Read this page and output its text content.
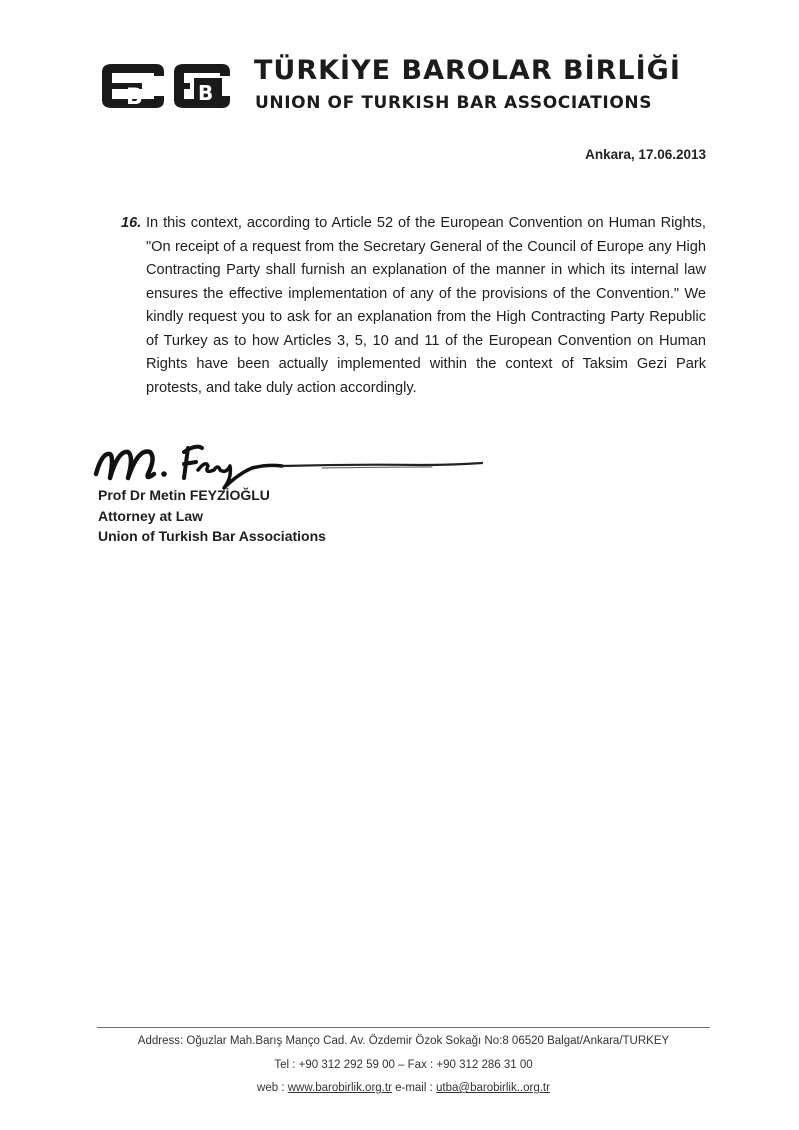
B	B
TÜRKİYE BAROLAR BİRLİĞİ
UNION OF TURKISH BAR ASSOCIATIONS
Ankara, 17.06.2013
16. In this context, according to Article 52 of the European Convention on Human Rights, "On receipt of a request from the Secretary General of the Council of Europe any High Contracting Party shall furnish an explanation of the manner in which its internal law ensures the effective implementation of any of the provisions of the Convention." We kindly request you to ask for an explanation from the High Contracting Party Republic of Turkey as to how Articles 3, 5, 10 and 11 of the European Convention on Human Rights have been actually implemented within the context of Taksim Gezi Park protests, and take duly action accordingly.
Prof Dr Metin FEYZİOĞLU
Attorney at Law
Union of Turkish Bar Associations
Address: Oğuzlar Mah.Barış Manço Cad. Av. Özdemir Özok Sokağı No:8 06520 Balgat/Ankara/TURKEY
Tel : +90 312 292 59 00 – Fax : +90 312 286 31 00
web : www.barobirlik.org.tr e-mail : utba@barobirlik..org.tr
